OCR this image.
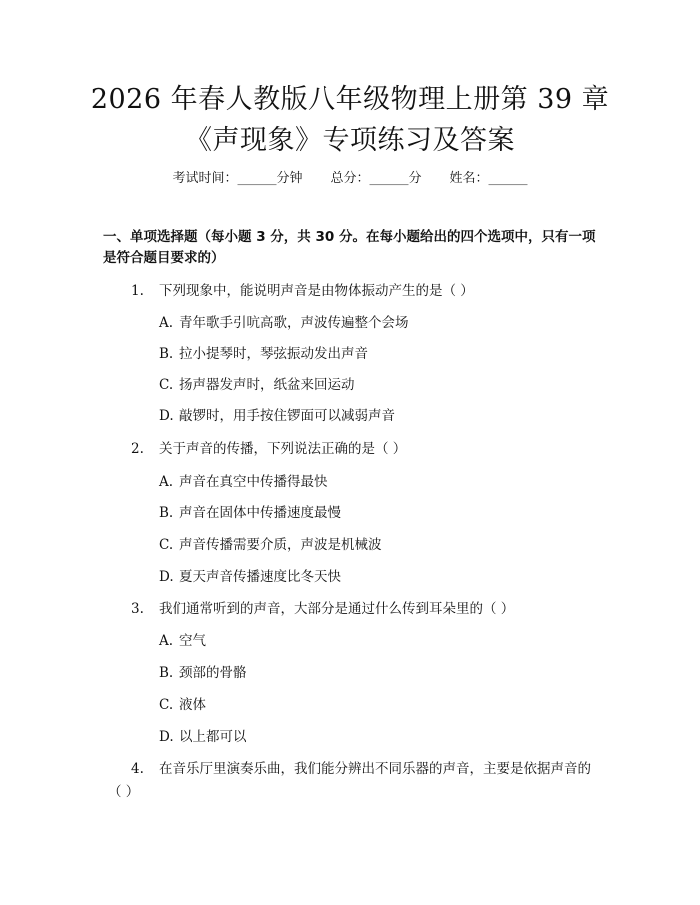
2026 年春人教版八年级物理上册第 39 章
《声现象》专项练习及答案
考试时间：______分钟 总分：______分 姓名：______
一、单项选择题（每小题 3 分，共 30 分。在每小题给出的四个选项中，只有一项是符合题目要求的）
1. 下列现象中，能说明声音是由物体振动产生的是（ ）
A. 青年歌手引吭高歌，声波传遍整个会场
B. 拉小提琴时，琴弦振动发出声音
C. 扬声器发声时，纸盆来回运动
D. 敲锣时，用手按住锣面可以减弱声音
2. 关于声音的传播，下列说法正确的是（ ）
A. 声音在真空中传播得最快
B. 声音在固体中传播速度最慢
C. 声音传播需要介质，声波是机械波
D. 夏天声音传播速度比冬天快
3. 我们通常听到的声音，大部分是通过什么传到耳朵里的（ ）
A. 空气
B. 颈部的骨骼
C. 液体
D. 以上都可以
4. 在音乐厅里演奏乐曲，我们能分辨出不同乐器的声音，主要是依据声音的
（ ）
